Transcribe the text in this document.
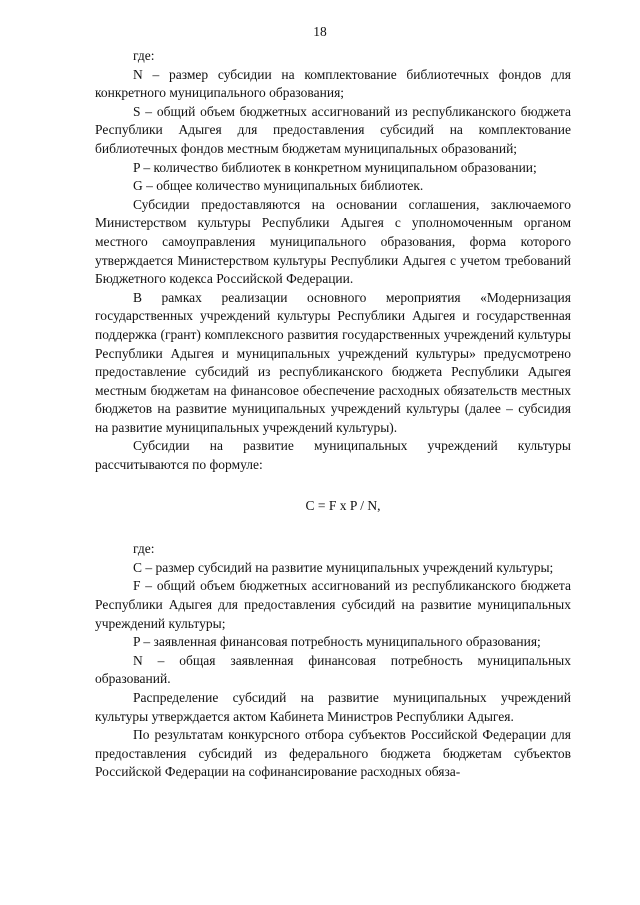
18

где:

N – размер субсидии на комплектование библиотечных фондов для конкретного муниципального образования;

S – общий объем бюджетных ассигнований из республиканского бюджета Республики Адыгея для предоставления субсидий на комплектование библиотечных фондов местным бюджетам муниципальных образований;

P – количество библиотек в конкретном муниципальном образовании;

G – общее количество муниципальных библиотек.

Субсидии предоставляются на основании соглашения, заключаемого Министерством культуры Республики Адыгея с уполномоченным органом местного самоуправления муниципального образования, форма которого утверждается Министерством культуры Республики Адыгея с учетом требований Бюджетного кодекса Российской Федерации.

В рамках реализации основного мероприятия «Модернизация государственных учреждений культуры Республики Адыгея и государственная поддержка (грант) комплексного развития государственных учреждений культуры Республики Адыгея и муниципальных учреждений культуры» предусмотрено предоставление субсидий из республиканского бюджета Республики Адыгея местным бюджетам на финансовое обеспечение расходных обязательств местных бюджетов на развитие муниципальных учреждений культуры (далее – субсидия на развитие муниципальных учреждений культуры).

Субсидии на развитие муниципальных учреждений культуры рассчитываются по формуле:

C = F x P / N,

где:

C – размер субсидий на развитие муниципальных учреждений культуры;

F – общий объем бюджетных ассигнований из республиканского бюджета Республики Адыгея для предоставления субсидий на развитие муниципальных учреждений культуры;

P – заявленная финансовая потребность муниципального образования;

N – общая заявленная финансовая потребность муниципальных образований.

Распределение субсидий на развитие муниципальных учреждений культуры утверждается актом Кабинета Министров Республики Адыгея.

По результатам конкурсного отбора субъектов Российской Федерации для предоставления субсидий из федерального бюджета бюджетам субъектов Российской Федерации на софинансирование расходных обяза-
